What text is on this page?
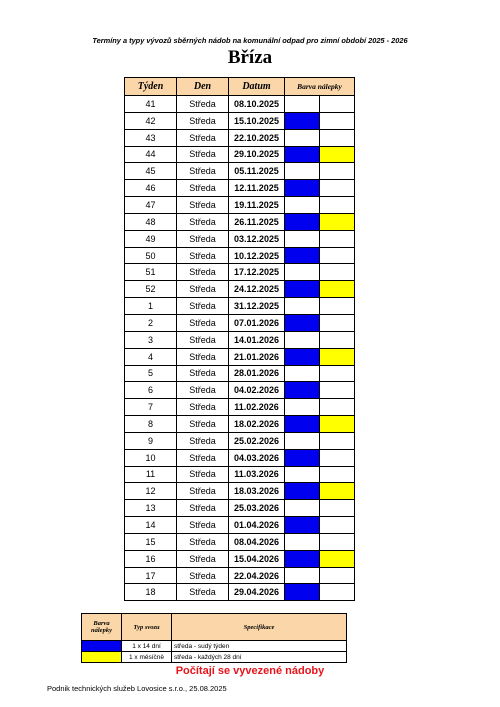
Termíny a typy vývozů sběrných nádob na komunální odpad pro zimní období 2025 - 2026
Bříza
Týden	Den	Datum	Barva nálepky	
41	Středa	08.10.2025		
42	Středa	15.10.2025		
43	Středa	22.10.2025		
44	Středa	29.10.2025		
45	Středa	05.11.2025		
46	Středa	12.11.2025		
47	Středa	19.11.2025		
48	Středa	26.11.2025		
49	Středa	03.12.2025		
50	Středa	10.12.2025		
51	Středa	17.12.2025		
52	Středa	24.12.2025		
1	Středa	31.12.2025		
2	Středa	07.01.2026		
3	Středa	14.01.2026		
4	Středa	21.01.2026		
5	Středa	28.01.2026		
6	Středa	04.02.2026		
7	Středa	11.02.2026		
8	Středa	18.02.2026		
9	Středa	25.02.2026		
10	Středa	04.03.2026		
11	Středa	11.03.2026		
12	Středa	18.03.2026		
13	Středa	25.03.2026		
14	Středa	01.04.2026		
15	Středa	08.04.2026		
16	Středa	15.04.2026		
17	Středa	22.04.2026		
18	Středa	29.04.2026		
Barva nálepky	Typ svozu	Specifikace
	1 x 14 dní	středa - sudý týden
	1 x měsíčně	středa - každých 28 dní
Počítají se vyvezené nádoby
Podnik technických služeb Lovosice s.r.o., 25.08.2025
